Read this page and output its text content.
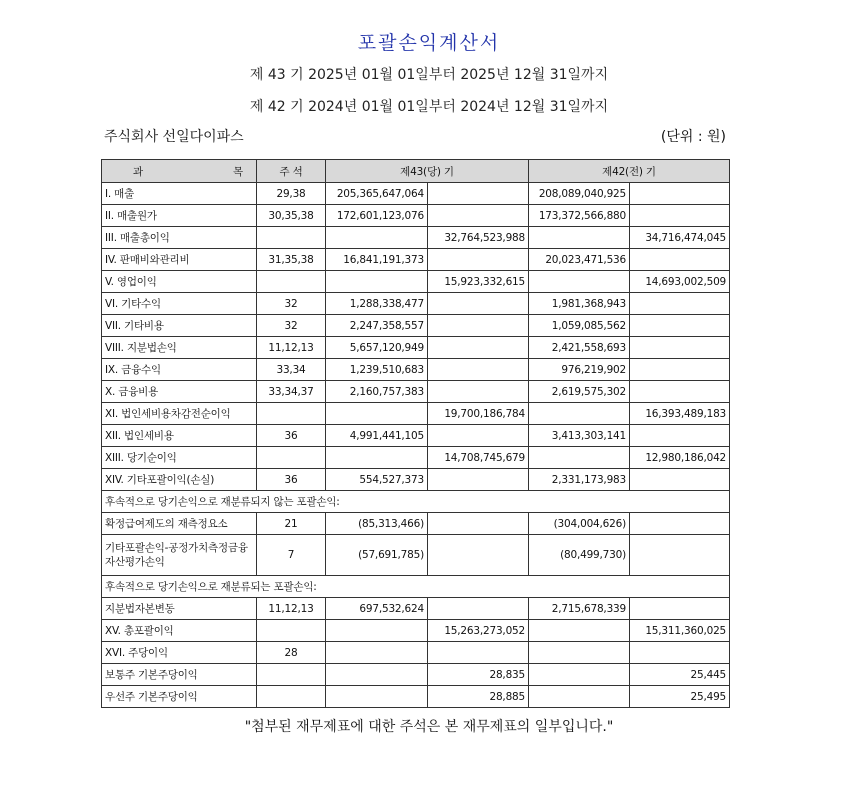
포괄손익계산서
제 43 기 2025년 01월 01일부터 2025년 12월 31일까지
제 42 기 2024년 01월 01일부터 2024년 12월 31일까지
주식회사 선일다이파스	(단위 : 원)
과 목	주 석	제43(당) 기		제42(전) 기	
I. 매출	29,38	205,365,647,064		208,089,040,925	
II. 매출원가	30,35,38	172,601,123,076		173,372,566,880	
III. 매출총이익			32,764,523,988		34,716,474,045
IV. 판매비와관리비	31,35,38	16,841,191,373		20,023,471,536	
V. 영업이익			15,923,332,615		14,693,002,509
VI. 기타수익	32	1,288,338,477		1,981,368,943	
VII. 기타비용	32	2,247,358,557		1,059,085,562	
VIII. 지분법손익	11,12,13	5,657,120,949		2,421,558,693	
IX. 금융수익	33,34	1,239,510,683		976,219,902	
X. 금융비용	33,34,37	2,160,757,383		2,619,575,302	
XI. 법인세비용차감전순이익			19,700,186,784		16,393,489,183
XII. 법인세비용	36	4,991,441,105		3,413,303,141	
XIII. 당기순이익			14,708,745,679		12,980,186,042
XIV. 기타포괄이익(손실)	36	554,527,373		2,331,173,983	
후속적으로 당기손익으로 재분류되지 않는 포괄손익:					
확정급여제도의 재측정요소	21	(85,313,466)		(304,004,626)	
기타포괄손익-공정가치측정금융자산평가손익	7	(57,691,785)		(80,499,730)	
후속적으로 당기손익으로 재분류되는 포괄손익:					
지분법자본변동	11,12,13	697,532,624		2,715,678,339	
XV. 총포괄이익			15,263,273,052		15,311,360,025
XVI. 주당이익	28				
보통주 기본주당이익			28,835		25,445
우선주 기본주당이익			28,885		25,495
"첨부된 재무제표에 대한 주석은 본 재무제표의 일부입니다."
